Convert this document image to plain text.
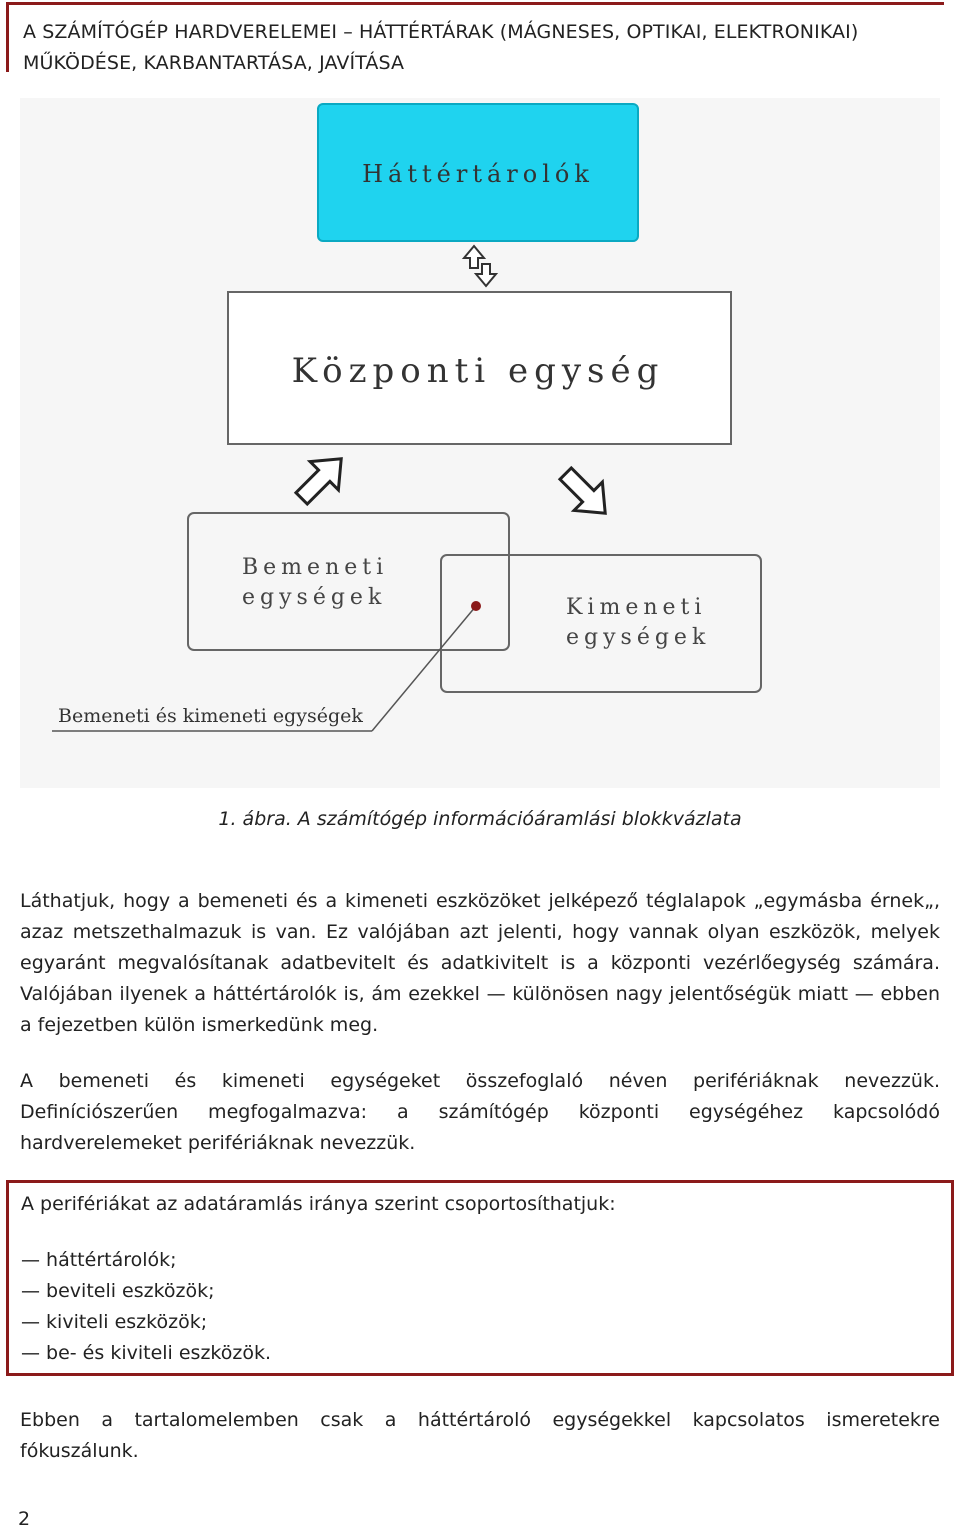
A SZÁMÍTÓGÉP HARDVERELEMEI – HÁTTÉRTÁRAK (MÁGNESES, OPTIKAI, ELEKTRONIKAI) MŰKÖDÉSE, KARBANTARTÁSA, JAVÍTÁSA
Háttértárolók
Központi egység
Bemeneti
egységek	Kimeneti
egységek
Bemeneti és kimeneti egységek
1. ábra. A számítógép információáramlási blokkvázlata
Láthatjuk, hogy a bemeneti és a kimeneti eszközöket jelképező téglalapok „egymásba érnek„, azaz metszethalmazuk is van. Ez valójában azt jelenti, hogy vannak olyan eszközök, melyek egyaránt megvalósítanak adatbevitelt és adatkivitelt is a központi vezérlőegység számára. Valójában ilyenek a háttértárolók is, ám ezekkel — különösen nagy jelentőségük miatt — ebben a fejezetben külön ismerkedünk meg.
A bemeneti és kimeneti egységeket összefoglaló néven perifériáknak nevezzük. Definíciószerűen megfogalmazva: a számítógép központi egységéhez kapcsolódó hardverelemeket perifériáknak nevezzük.
A perifériákat az adatáramlás iránya szerint csoportosíthatjuk:
— háttértárolók;
— beviteli eszközök;
— kiviteli eszközök;
— be- és kiviteli eszközök.
Ebben a tartalomelemben csak a háttértároló egységekkel kapcsolatos ismeretekre fókuszálunk.
2
